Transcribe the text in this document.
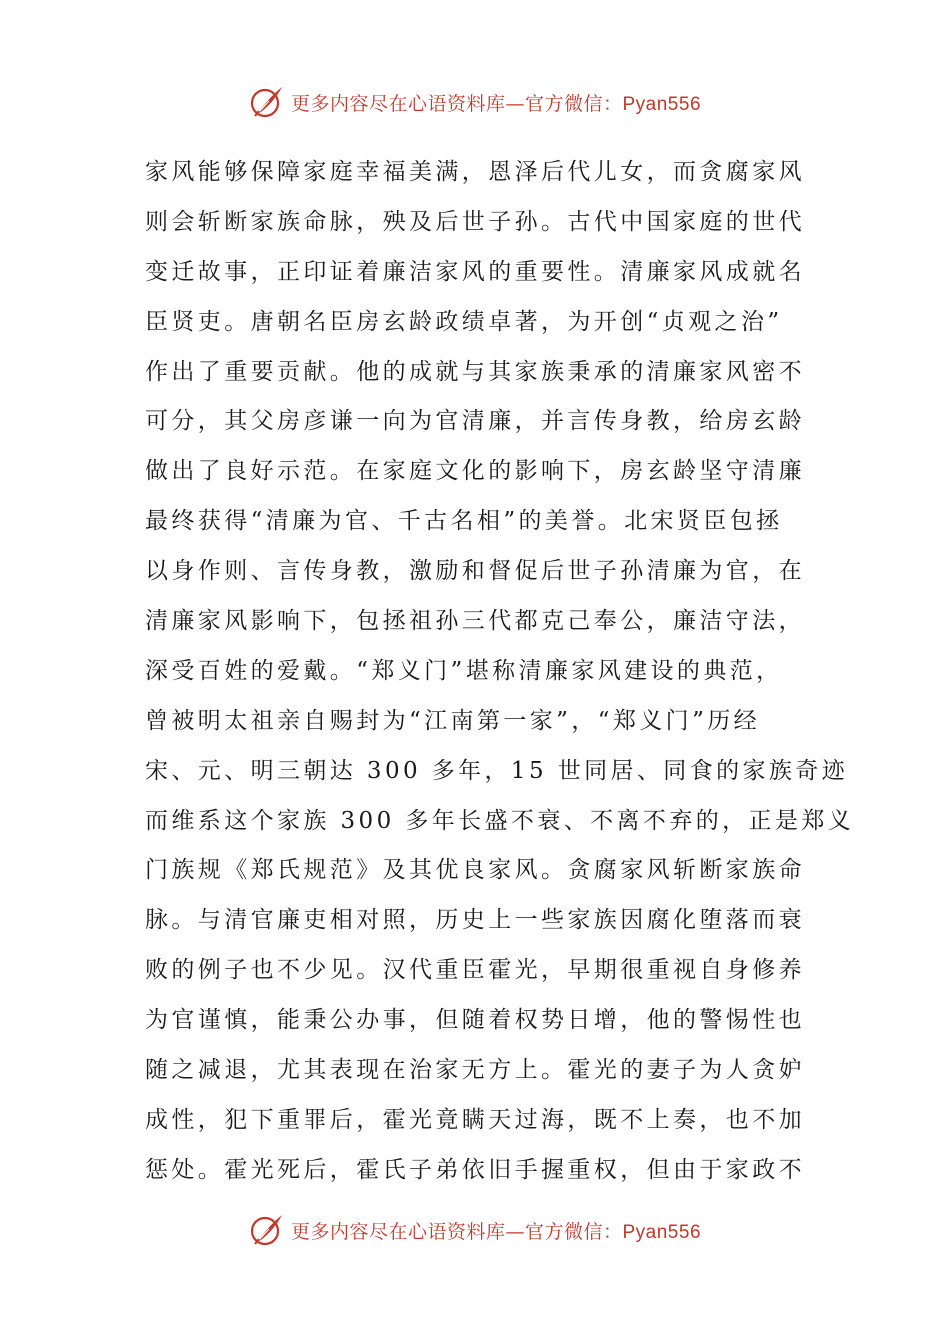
更多内容尽在心语资料库—官方微信：Pyan556
家风能够保障家庭幸福美满，恩泽后代儿女，而贪腐家风
则会斩断家族命脉，殃及后世子孙。古代中国家庭的世代
变迁故事，正印证着廉洁家风的重要性。清廉家风成就名
臣贤吏。唐朝名臣房玄龄政绩卓著，为开创“贞观之治”
作出了重要贡献。他的成就与其家族秉承的清廉家风密不
可分，其父房彦谦一向为官清廉，并言传身教，给房玄龄
做出了良好示范。在家庭文化的影响下，房玄龄坚守清廉
最终获得“清廉为官、千古名相”的美誉。北宋贤臣包拯
以身作则、言传身教，激励和督促后世子孙清廉为官，在
清廉家风影响下，包拯祖孙三代都克己奉公，廉洁守法，
深受百姓的爱戴。“郑义门”堪称清廉家风建设的典范，
曾被明太祖亲自赐封为“江南第一家”，“郑义门”历经
宋、元、明三朝达 300 多年，15 世同居、同食的家族奇迹
而维系这个家族 300 多年长盛不衰、不离不弃的，正是郑义
门族规《郑氏规范》及其优良家风。贪腐家风斩断家族命
脉。与清官廉吏相对照，历史上一些家族因腐化堕落而衰
败的例子也不少见。汉代重臣霍光，早期很重视自身修养
为官谨慎，能秉公办事，但随着权势日增，他的警惕性也
随之减退，尤其表现在治家无方上。霍光的妻子为人贪妒
成性，犯下重罪后，霍光竟瞒天过海，既不上奏，也不加
惩处。霍光死后，霍氏子弟依旧手握重权，但由于家政不
更多内容尽在心语资料库—官方微信：Pyan556
